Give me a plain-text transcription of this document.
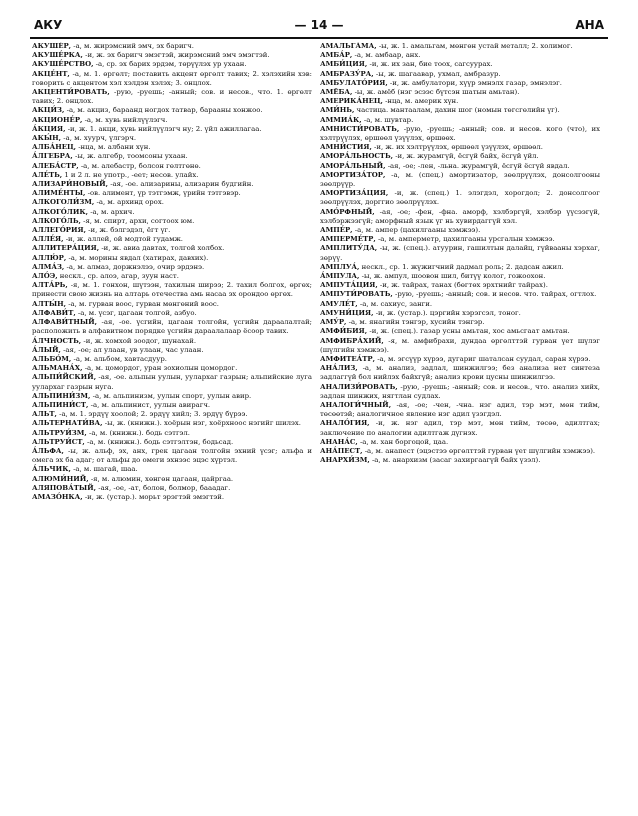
АКУ	— 14 —	АНА

АКУШЕ́Р, -а, м. жирэмсний эмч, эх баригч.

АКУШЕ́РКА, -и, ж. эх баригч эмэгтэй, жирэмсний эмч эмэгтэй.

АКУШЕ́РСТВО, -а, ср. эх барих эрдэм, төрүүлэх ур ухаан.

АКЦЕ́НТ, -а, м. 1. өргөлт; поставить акцент өргөлт тавих; 2. хэлэхийн хэв: говорить с акцентом хэл хэлдэн хэлэх; 3. онцлох.

АКЦЕНТИ́РОВАТЬ, -рую, -руешь; -анный; сов. и несов., что. 1. өргөлт тавих; 2. онцлох.

АКЦИ́З, -а, м. акциз, бараанд ногдох татвар, барааны хонжоо.

АКЦИОНЕ́Р, -а, м. хувь нийлүүлэгч.

А́КЦИЯ, -и, ж. 1. акци, хувь нийлүүлэгч ну; 2. үйл ажиллагаа.

АКЫ́Н, -а, м. хуурч, үлгэрч.

АЛБА́НЕЦ, -нца, м. албани хүн.

А́ЛГЕБРА, -ы, ж. алгебр, тоомсоны ухаан.

АЛЕБА́СТР, -а, м. алебастр, болсон гөлтгөнө.

АЛЕ́ТЬ, 1 и 2 л. не употр., -еет; несов. улайх.

АЛИЗАРИ́НОВЫЙ, -ая, -ое. ализарины, ализарин будгийн.

АЛИМЕ́НТЫ, -ов. алимент, үр тэтгэмж, үрийн тэтгэвэр.

АЛКОГОЛИ́ЗМ, -а, м. архинд орох.

АЛКОГО́ЛИК, -а, м. архич.

АЛКОГО́ЛЬ, -я, м. спирт, архи, согтоох юм.

АЛЛЕГО́РИЯ, -и, ж. бэлгэдэл, ёгт үг.

АЛЛЕ́Я, -и, ж. аллей, ой модтой гудамж.

АЛЛИТЕРА́ЦИЯ, -и, ж. авиа давтах, толгой холбох.

АЛЛЮ́Р, -а, м. морины явдал (хатирах, давхих).

АЛМА́З, -а, м. алмаз, доржнэлээ, очир эрдэнэ.

АЛО́Э, нескл., ср. алоэ, агар, зуун наст.

АЛТА́РЬ, -я, м. 1. гонхон, шүтээн, тахилын ширээ; 2. тахил болгох, өргөх; принести свою жизнь на алтарь отечества амь насаа эх орондоо өргөх.

АЛТЫ́Н, -а, м. гурван воос, гурван мөнгөний воос.

АЛФАВИ́Т, -а, м. үсэг, цагаан толгой, азбуо.

АЛФАВИ́ТНЫЙ, -ая, -ое. үсгийн, цагаан толгойн, үсгийн дараалалтай; расположить в алфавитном порядке үсгийн дараалалаар ёсоор тавих.

А́ЛЧНОСТЬ, -и, ж. хомхой зоодог, шунахай.

А́ЛЫЙ, -ая, -ое; ал улаан, ув улаан, час улаан.

АЛЬБО́М, -а, м. альбом, хавтасдуур.

АЛЬМАНА́Х, -а, м. цомордог, уран зохиолын цомордог.

АЛЬПИ́ЙСКИЙ, -ая, -ое. альпын уулын, уулархаг газрын; альпийские луга уулархаг газрын нуга.

АЛЬПИНИ́ЗМ, -а, м. альпинизм, уулын спорт, уулын авир.

АЛЬПИНИ́СТ, -а, м. альпинист, уулын авирагч.

АЛЬТ, -а, м. 1. эрдүү хоолой; 2. эрдүү хийл; 3. эрдүү бүрээ.

АЛЬТЕРНАТИ́ВА, -ы, ж. (книжн.). хоёрын нэг, хоёрхноос нэгийг шилэх.

АЛЬТРУИ́ЗМ, -а, м. (книжн.). бодь сэтгэл.

АЛЬТРУИ́СТ, -а, м. (книжн.). бодь сэтгэлтэн, бодьсад.

А́ЛЬФА, -ы, ж. альф, эх, анх, грек цагаан толгойн эхний үсэг; альфа и омега эх ба адаг; от альфы до омеги эхнээс эцэс хүртэл.

А́ЛЬЧИК, -а, м. шагай, шаа.

АЛЮМИ́НИЙ, -я, м. алюмин, хөнгөн цагаан, цайргаа.

АЛЯПОВА́ТЫЙ, -ая, -ое, -ат, болон, болмор, бааадаг.

АМАЗО́НКА, -и, ж. (устар.). морьт эрэгтэй эмэгтэй.

АМАЛЬГА́МА, -ы, ж. 1. амальгам, мөнгөн устай металл; 2. холимог.

АМБА́Р, -а, м. амбаар, анх.

АМБИ́ЦИЯ, -и, ж. их зан, бие тоох, сагсуурах.

АМБРАЗУ́РА, -ы, ж. шагаавар, ухмал, амбразур.

АМБУЛАТО́РИЯ, -и, ж. амбулатори, хүүр эмнэлх газар, эмнэлэг.

АМЁБА, -ы, ж. амёб (нэг эсээс бүтсэн шатын амьтан).

АМЕРИКА́НЕЦ, -нца, м. америк хүн.

АМИ́НЬ, частица. мантаалам, дахин шог (номын төгсгөлийн үг).

АММИА́К, -а, м. шувтар.

АМНИСТИ́РОВАТЬ, -рую, -руешь; -анный; сов. и несов. кого (что), их хэлтрүүлэх, өршөөл үзүүлэх, өршөөх.

АМНИ́СТИЯ, -и, ж. их хэлтрүүлэх, өршөөл үзүүлэх, өршөөл.

АМОРА́ЛЬНОСТЬ, -и, ж. журамгүй, ёсгүй байх, ёсгүй үйл.

АМОРА́ЛЬНЫЙ, -ая, -ое; -лен, -льна. журамгүй, ёсгүй ёсгүй явдал.

АМОРТИЗА́ТОР, -а, м. (спец.) амортизатор, зөөлрүүлэх, донсолгооны зөөлрүүр.

АМОРТИЗА́ЦИЯ, -и, ж. (спец.) 1. элэгдэл, хорогдол; 2. донсолгоог зөөлрүүлэх, дорггио зөөлрүүлэх.

АМО́РФНЫЙ, -ая, -ое; -фен, -фна. аморф, хэлбэргүй, хэлбэр үүсээгүй, хэлбэржээгүй; аморфный язык үг нь хувирдаггүй хэл.

АМПЕ́Р, -а, м. ампер (цахилгааны хэмжээ).

АМПЕРМЕ́ТР, -а, м. амперметр, цахилгааны урсгалын хэмжээ.

АМПЛИТУ́ДА, -ы, ж. (спец.). атуурин, гашилтын далайц, гүйвааны хэрхаг, зөрүү.

АМПЛУА́, нескл., ср. 1. жүжигчний дадмал роль; 2. дадсан ажил.

А́МПУЛА, -ы, ж. ампул, шоовон шил, битүү колог, гожоохон.

АМПУТА́ЦИЯ, -и, ж. тайрах, танах (бөгтөх эрхтнийг тайрах).

АМПУТИ́РОВАТЬ, -рую, -руешь; -анный; сов. и несов. что. тайрах, огтлох.

АМУЛЕ́Т, -а, м. сахиус, занги.

АМУНИ́ЦИЯ, -и, ж. (устар.). цэргийн хэрэгсэл, тоног.

АМУ́Р, -а, м. янагийн тэнгэр, хусийн тэнгэр.

АМФИ́БИЯ, -и, ж. (спец.). газар усны амьтан, хос амьсгаат амьтан.

АМФИБРА́ХИЙ, -я, м. амфибрахи, дундаа өргөлттэй гурван үет шүлэг (шүлгийн хэмжээ).

АМФИТЕА́ТР, -а, м. эгсүүр хүрээ, дугариг шаталсан суудал, саран хүрээ.

АНА́ЛИЗ, -а, м. анализ, задлал, шинжилгээ; без анализа нет синтеза задлаггүй бол нийлэх байхгүй; анализ крови цусны шинжилгээ.

АНАЛИЗИ́РОВАТЬ, -рую, -руешь; -анный; сов. и несов., что. анализ хийх, задлан шинжих, нягтлан судлах.

АНАЛОГИ́ЧНЫЙ, -ая, -ое; -чен, -чна. нэг адил, тэр мэт, мөн тийм, төсөөтэй; аналогичное явление нэг адил үзэгдэл.

АНАЛО́ГИЯ, -и, ж. нэг адил, тэр мэт, мөн тийм, төсөө, адилтгах; заключение по аналогии адилтгаж дүгнэх.

АНАНА́С, -а, м. хан боргоцой, цаа.

АНА́ПЕСТ, -а, м. анапест (эцэстээ өргөлттэй гурван үет шүлгийн хэмжээ).

АНАРХИ́ЗМ, -а, м. анархизм (засаг захиргаагүй байх үзэл).
